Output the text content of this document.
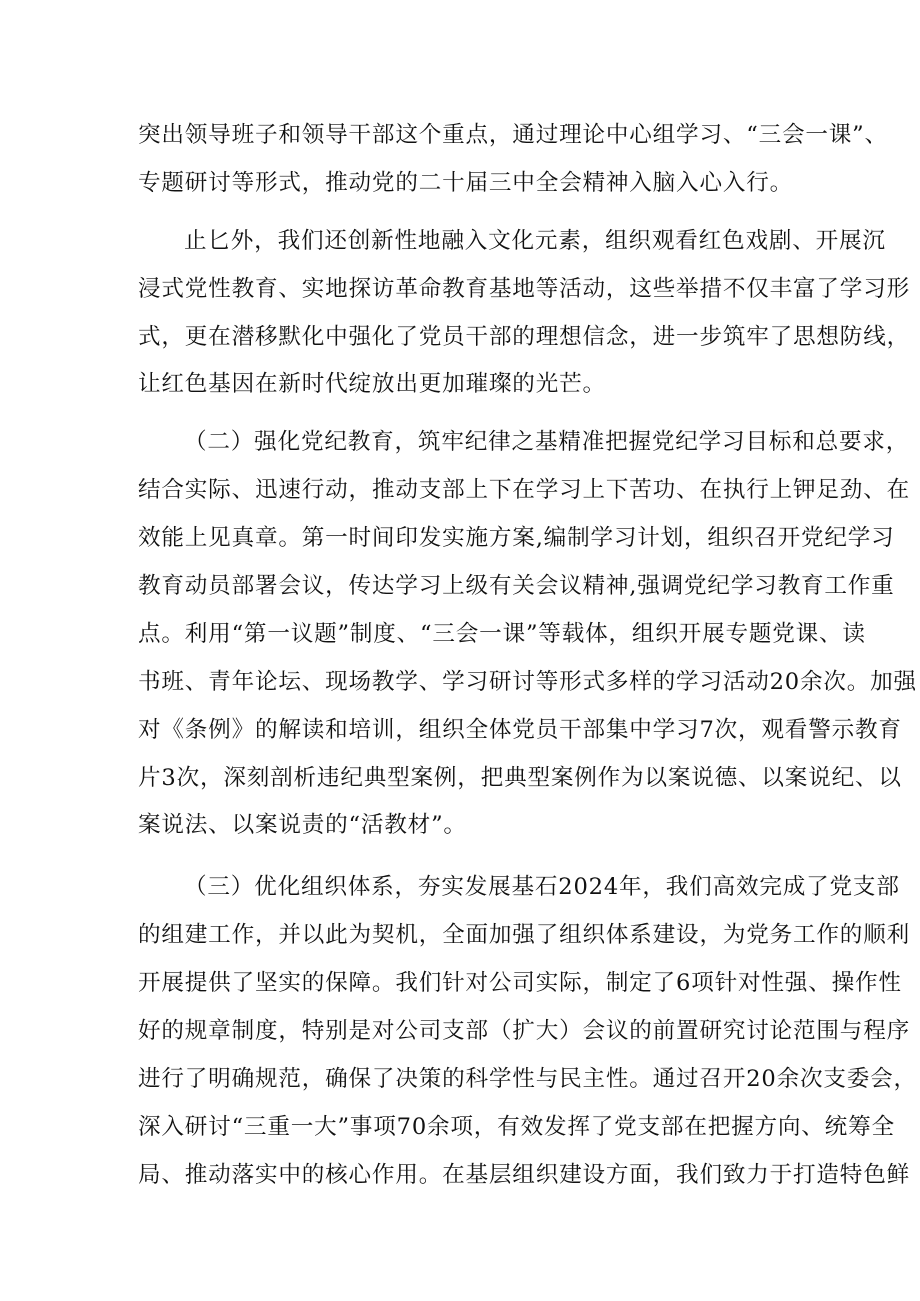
突出领导班子和领导干部这个重点，通过理论中心组学习、“三会一课”、
专题研讨等形式，推动党的二十届三中全会精神入脑入心入行。
止匕外，我们还创新性地融入文化元素，组织观看红色戏剧、开展沉
浸式党性教育、实地探访革命教育基地等活动，这些举措不仅丰富了学习形
式，更在潜移默化中强化了党员干部的理想信念，进一步筑牢了思想防线，
让红色基因在新时代绽放出更加璀璨的光芒。
（二）强化党纪教育，筑牢纪律之基精准把握党纪学习目标和总要求，
结合实际、迅速行动，推动支部上下在学习上下苦功、在执行上钾足劲、在
效能上见真章。第一时间印发实施方案,编制学习计划，组织召开党纪学习
教育动员部署会议，传达学习上级有关会议精神,强调党纪学习教育工作重
点。利用“第一议题”制度、“三会一课”等载体，组织开展专题党课、读
书班、青年论坛、现场教学、学习研讨等形式多样的学习活动20余次。加强
对《条例》的解读和培训，组织全体党员干部集中学习7次，观看警示教育
片3次，深刻剖析违纪典型案例，把典型案例作为以案说德、以案说纪、以
案说法、以案说责的“活教材”。
（三）优化组织体系，夯实发展基石2024年，我们高效完成了党支部
的组建工作，并以此为契机，全面加强了组织体系建设，为党务工作的顺利
开展提供了坚实的保障。我们针对公司实际，制定了6项针对性强、操作性
好的规章制度，特别是对公司支部（扩大）会议的前置研究讨论范围与程序
进行了明确规范，确保了决策的科学性与民主性。通过召开20余次支委会，
深入研讨“三重一大”事项70余项，有效发挥了党支部在把握方向、统筹全
局、推动落实中的核心作用。在基层组织建设方面，我们致力于打造特色鲜
